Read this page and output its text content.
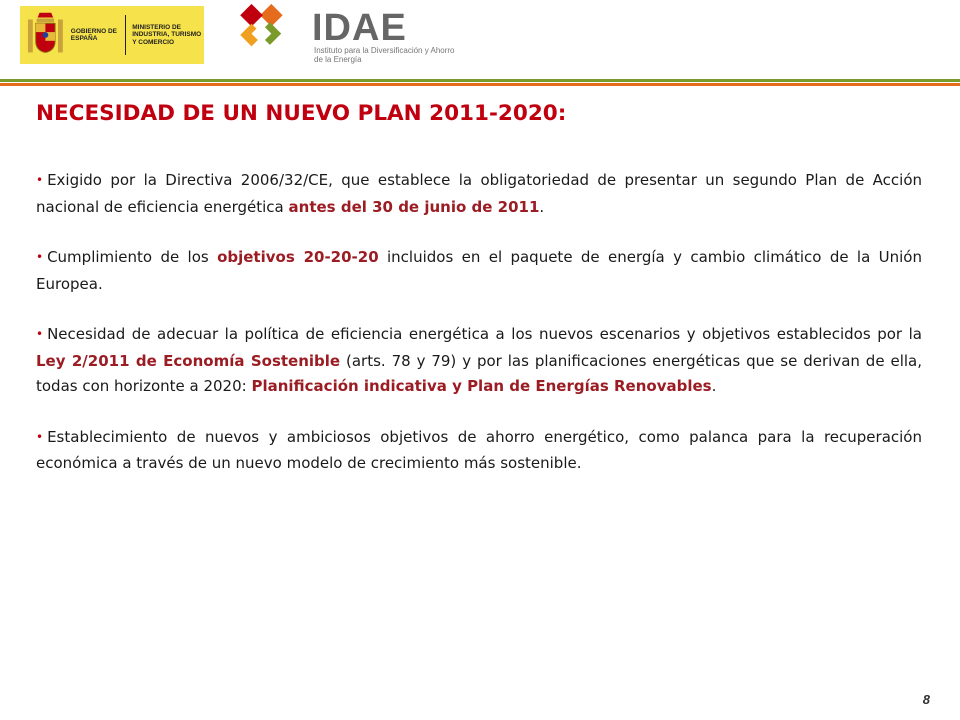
GOBIERNO DE ESPAÑA
MINISTERIO DE INDUSTRIA, TURISMO Y COMERCIO	IDAE
Instituto para la Diversificación y Ahorro de la Energía
NECESIDAD DE UN NUEVO PLAN 2011-2020:
• Exigido por la Directiva 2006/32/CE, que establece la obligatoriedad de presentar un segundo Plan de Acción nacional de eficiencia energética antes del 30 de junio de 2011.
• Cumplimiento de los objetivos 20-20-20 incluidos en el paquete de energía y cambio climático de la Unión Europea.
• Necesidad de adecuar la política de eficiencia energética a los nuevos escenarios y objetivos establecidos por la Ley 2/2011 de Economía Sostenible (arts. 78 y 79) y por las planificaciones energéticas que se derivan de ella, todas con horizonte a 2020: Planificación indicativa y Plan de Energías Renovables.
• Establecimiento de nuevos y ambiciosos objetivos de ahorro energético, como palanca para la recuperación económica a través de un nuevo modelo de crecimiento más sostenible.
8
